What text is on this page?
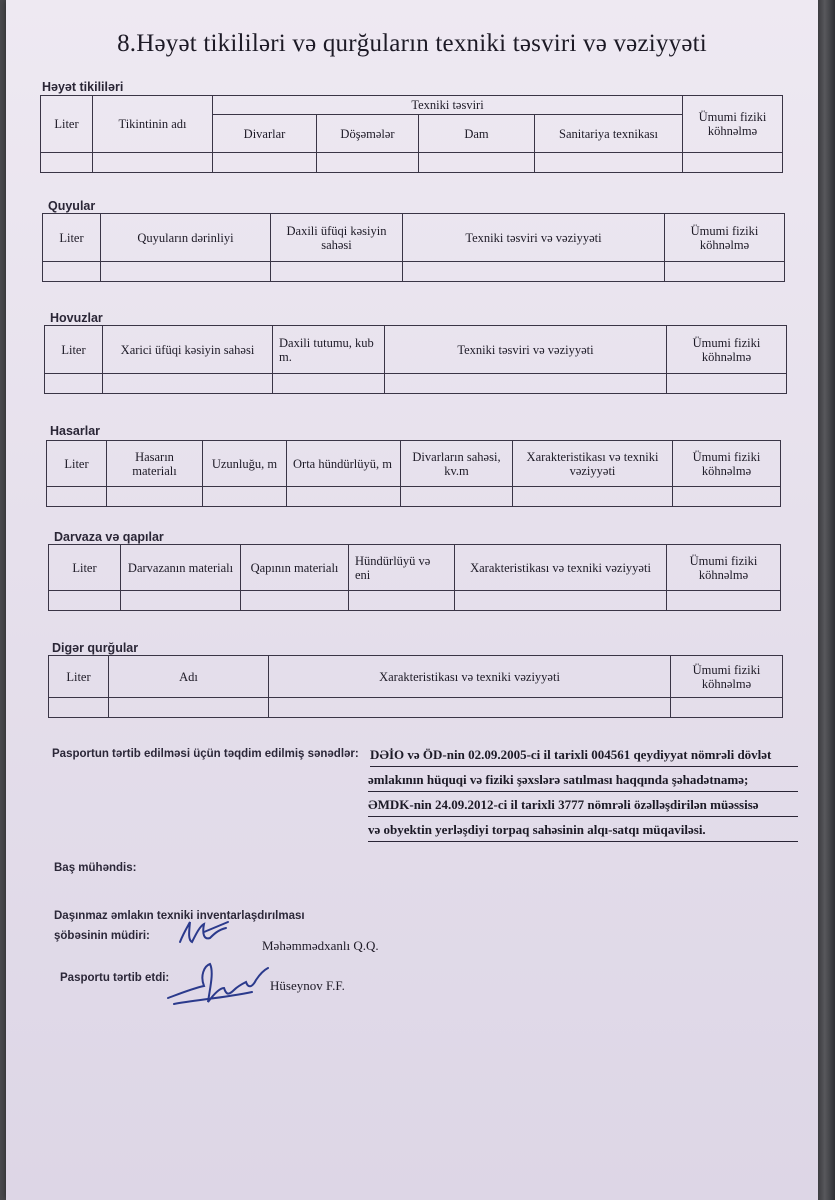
8.Həyət tikililəri və qurğuların texniki təsviri və vəziyyəti
Həyət tikililəri
Liter	Tikintinin adı	Texniki təsviri				Ümumi fiziki köhnəlmə
		Divarlar	Döşəmələr	Dam	Sanitariya texnikası	

Quyular
Liter	Quyuların dərinliyi	Daxili üfüqi kəsiyin sahəsi	Texniki təsviri və vəziyyəti	Ümumi fiziki köhnəlmə

Hovuzlar
Liter	Xarici üfüqi kəsiyin sahəsi	Daxili tutumu, kub m.	Texniki təsviri və vəziyyəti	Ümumi fiziki köhnəlmə

Hasarlar
Liter	Hasarın materialı	Uzunluğu, m	Orta hündürlüyü, m	Divarların sahəsi, kv.m	Xarakteristikası və texniki vəziyyəti	Ümumi fiziki köhnəlmə

Darvaza və qapılar
Liter	Darvazanın materialı	Qapının materialı	Hündürlüyü və eni	Xarakteristikası və texniki vəziyyəti	Ümumi fiziki köhnəlmə

Digər qurğular
Liter	Adı	Xarakteristikası və texniki vəziyyəti	Ümumi fiziki köhnəlmə

Pasportun tərtib edilməsi üçün təqdim edilmiş sənədlər: DƏİO və ÖD-nin 02.09.2005-ci il tarixli 004561 qeydiyyat nömrəli dövlət
əmlakının hüquqi və fiziki şəxslərə satılması haqqında şəhadətnamə;
ƏMDK-nin 24.09.2012-ci il tarixli 3777 nömrəli özəlləşdirilən müəssisə
və obyektin yerləşdiyi torpaq sahəsinin alqı-satqı müqaviləsi.
Baş mühəndis:
Daşınmaz əmlakın texniki inventarlaşdırılması
şöbəsinin müdiri:
Məhəmmədxanlı Q.Q.
Pasportu tərtib etdi:	Hüseynov F.F.
